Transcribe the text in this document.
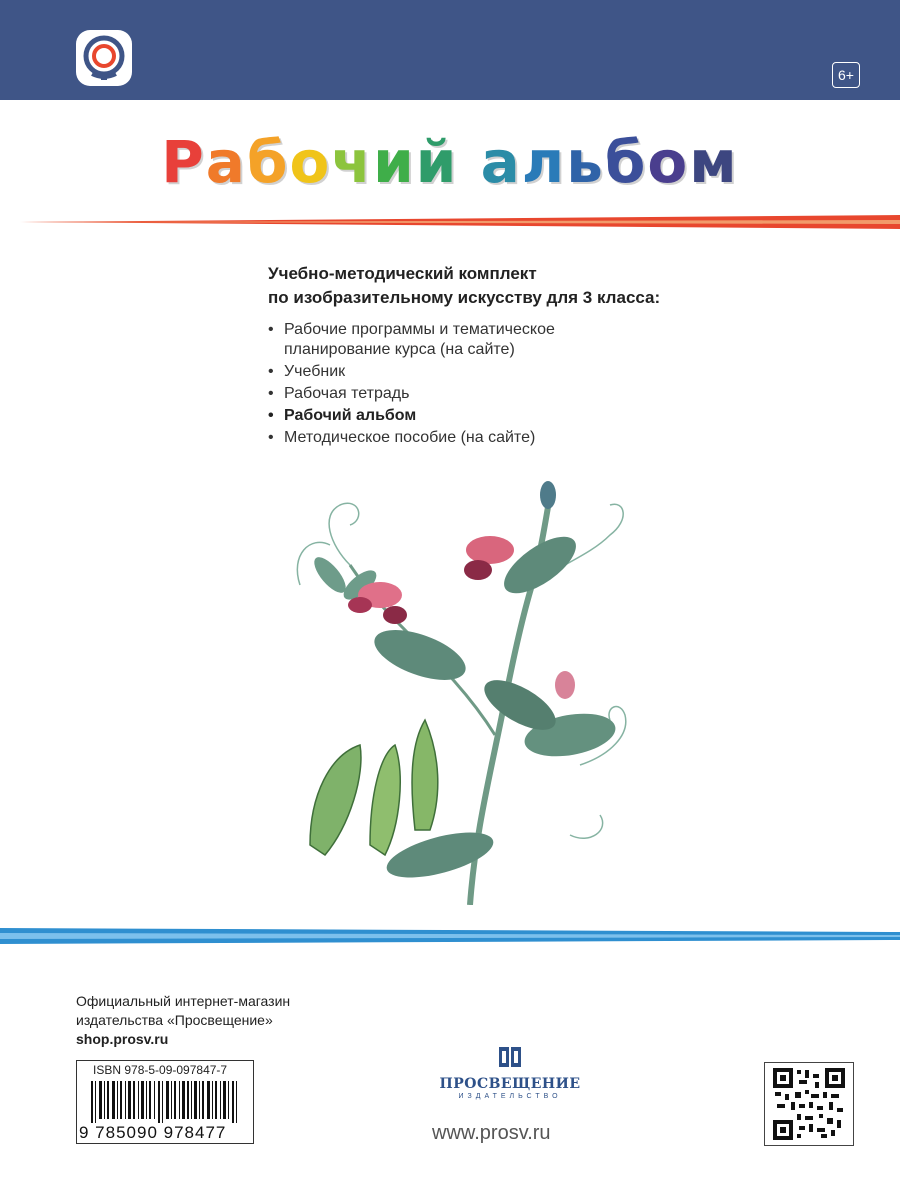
6+
Рабочий альбом
Учебно-методический комплект
по изобразительному искусству для 3 класса:
• Рабочие программы и тематическое
планирование курса (на сайте)
• Учебник
• Рабочая тетрадь
• Рабочий альбом
• Методическое пособие (на сайте)
Официальный интернет-магазин
издательства «Просвещение»
shop.prosv.ru
ISBN 978-5-09-097847-7
9 785090 978477
ПРОСВЕЩЕНИЕ
ИЗДАТЕЛЬСТВО
www.prosv.ru
